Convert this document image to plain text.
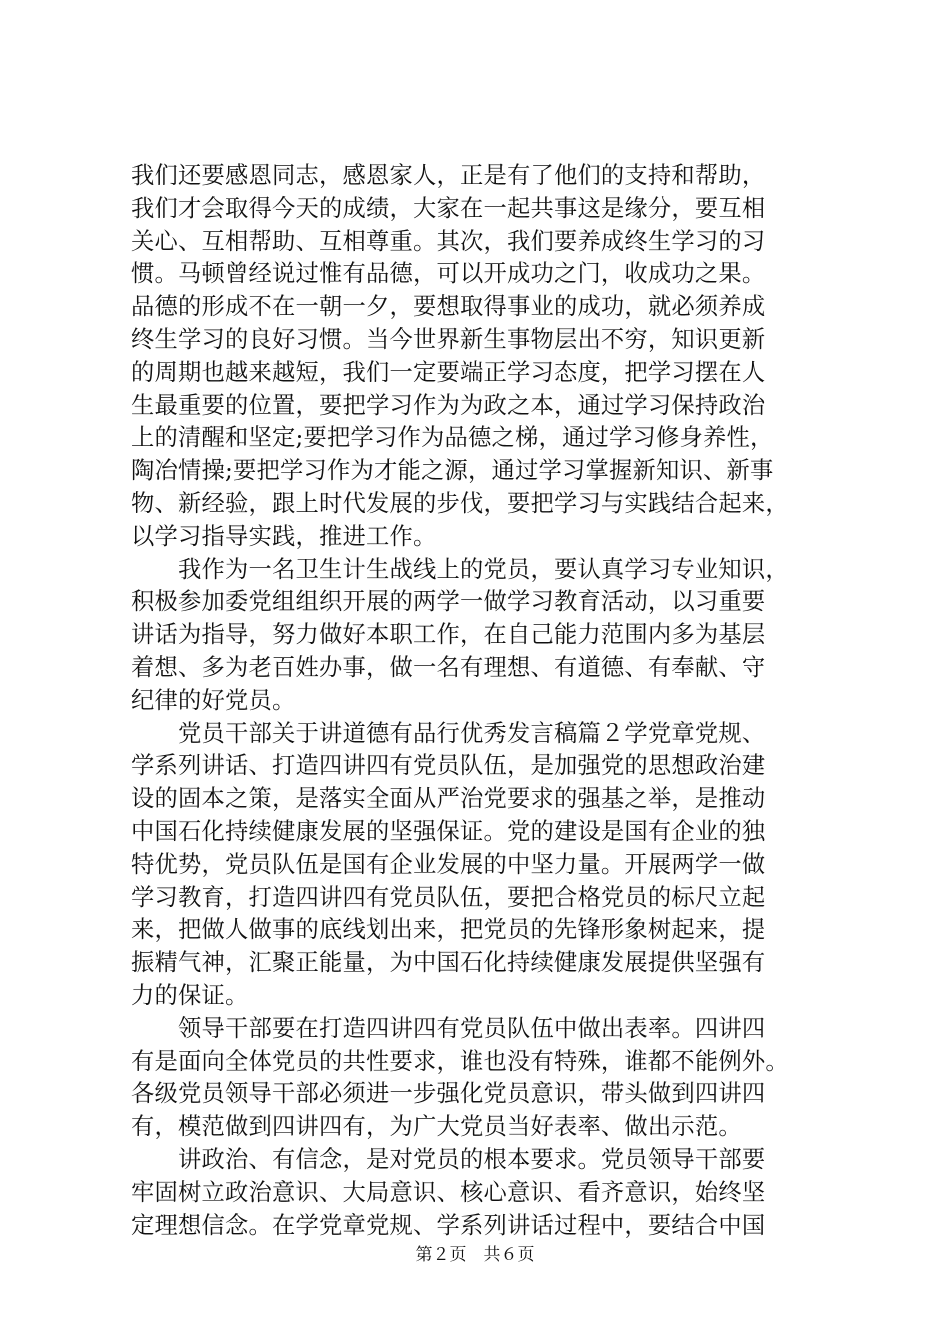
我们还要感恩同志，感恩家人，正是有了他们的支持和帮助，
我们才会取得今天的成绩，大家在一起共事这是缘分，要互相
关心、互相帮助、互相尊重。其次，我们要养成终生学习的习
惯。马顿曾经说过惟有品德，可以开成功之门，收成功之果。
品德的形成不在一朝一夕，要想取得事业的成功，就必须养成
终生学习的良好习惯。当今世界新生事物层出不穷，知识更新
的周期也越来越短，我们一定要端正学习态度，把学习摆在人
生最重要的位置，要把学习作为为政之本，通过学习保持政治
上的清醒和坚定;要把学习作为品德之梯，通过学习修身养性，
陶冶情操;要把学习作为才能之源，通过学习掌握新知识、新事
物、新经验，跟上时代发展的步伐，要把学习与实践结合起来，
以学习指导实践，推进工作。
　　我作为一名卫生计生战线上的党员，要认真学习专业知识，
积极参加委党组组织开展的两学一做学习教育活动，以习重要
讲话为指导，努力做好本职工作，在自己能力范围内多为基层
着想、多为老百姓办事，做一名有理想、有道德、有奉献、守
纪律的好党员。
　　党员干部关于讲道德有品行优秀发言稿篇２学党章党规、
学系列讲话、打造四讲四有党员队伍，是加强党的思想政治建
设的固本之策，是落实全面从严治党要求的强基之举，是推动
中国石化持续健康发展的坚强保证。党的建设是国有企业的独
特优势，党员队伍是国有企业发展的中坚力量。开展两学一做
学习教育，打造四讲四有党员队伍，要把合格党员的标尺立起
来，把做人做事的底线划出来，把党员的先锋形象树起来，提
振精气神，汇聚正能量，为中国石化持续健康发展提供坚强有
力的保证。
　　领导干部要在打造四讲四有党员队伍中做出表率。四讲四
有是面向全体党员的共性要求，谁也没有特殊，谁都不能例外。
各级党员领导干部必须进一步强化党员意识，带头做到四讲四
有，模范做到四讲四有，为广大党员当好表率、做出示范。
　　讲政治、有信念，是对党员的根本要求。党员领导干部要
牢固树立政治意识、大局意识、核心意识、看齐意识，始终坚
定理想信念。在学党章党规、学系列讲话过程中，要结合中国
第２页　共６页
